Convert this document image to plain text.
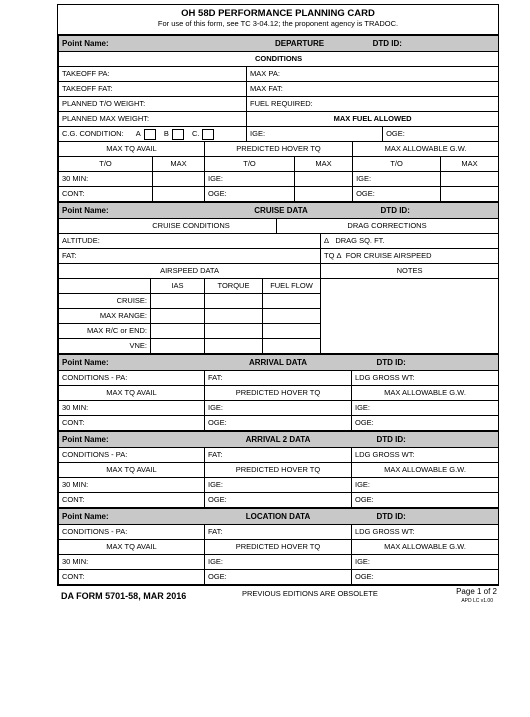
OH 58D PERFORMANCE PLANNING CARD
For use of this form, see TC 3-04.12; the proponent agency is TRADOC.
Point Name:			DEPARTURE		DTD ID:		
CONDITIONS							
TAKEOFF PA:			MAX PA:				
TAKEOFF FAT:			MAX FAT:				
PLANNED T/O WEIGHT:			FUEL REQUIRED:				
PLANNED MAX WEIGHT:			MAX FUEL ALLOWED				
C.G. CONDITION: A B C.			IGE:			OGE:	
MAX TQ AVAIL		PREDICTED HOVER TQ			MAX ALLOWABLE G.W.		
T/O	MAX	T/O		MAX	T/O		MAX
30 MIN:		IGE:			IGE:		
CONT:		OGE:			OGE:		
Point Name:		CRUISE DATA		DTD ID:
CRUISE CONDITIONS DRAG CORRECTIONS				

ALTITUDE:				Δ DRAG SQ. FT.
FAT:				TQ Δ FOR CRUISE AIRSPEED
AIRSPEED DATA				NOTES
	IAS	TORQUE	FUEL FLOW	
CRUISE:				
MAX RANGE:				
MAX R/C or END:				
VNE:				
Point Name:	ARRIVAL DATA	DTD ID:
CONDITIONS - PA:	FAT:	LDG GROSS WT:
MAX TQ AVAIL	PREDICTED HOVER TQ	MAX ALLOWABLE G.W.
30 MIN:	IGE:	IGE:
CONT:	OGE:	OGE:
Point Name:	ARRIVAL 2 DATA	DTD ID:
CONDITIONS - PA:	FAT:	LDG GROSS WT:
MAX TQ AVAIL	PREDICTED HOVER TQ	MAX ALLOWABLE G.W.
30 MIN:	IGE:	IGE:
CONT:	OGE:	OGE:
Point Name:	LOCATION DATA	DTD ID:
CONDITIONS - PA:	FAT:	LDG GROSS WT:
MAX TQ AVAIL	PREDICTED HOVER TQ	MAX ALLOWABLE G.W.
30 MIN:	IGE:	IGE:
CONT:	OGE:	OGE:
DA FORM 5701-58, MAR 2016	PREVIOUS EDITIONS ARE OBSOLETE	Page 1 of 2
APD LC v1.00
